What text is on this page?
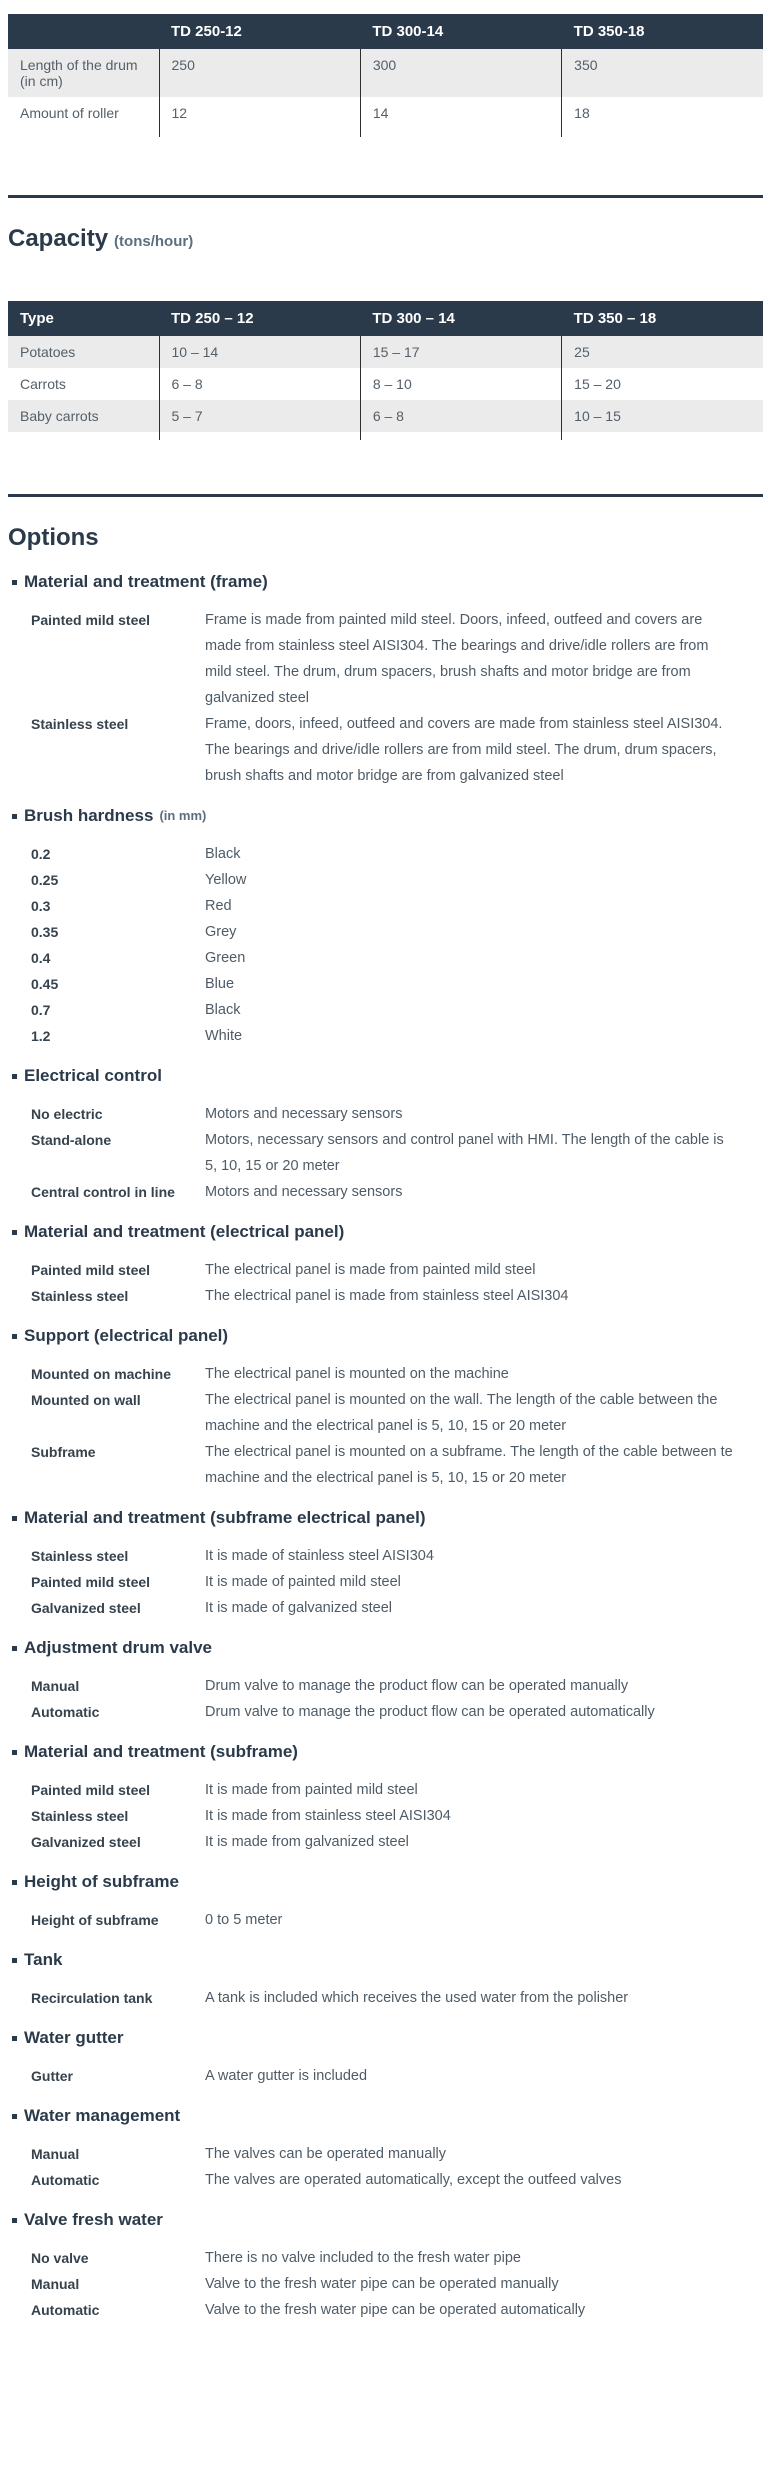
	TD 250-12	TD 300-14	TD 350-18
Length of the drum (in cm)	250	300	350
Amount of roller	12	14	18

Capacity (tons/hour)
Type	TD 250 – 12	TD 300 – 14	TD 350 – 18
Potatoes	10 – 14	15 – 17	25
Carrots	6 – 8	8 – 10	15 – 20
Baby carrots	5 – 7	6 – 8	10 – 15

Options
Material and treatment (frame)
Painted mild steel	Frame is made from painted mild steel. Doors, infeed, outfeed and covers are made from stainless steel AISI304. The bearings and drive/idle rollers are from mild steel. The drum, drum spacers, brush shafts and motor bridge are from galvanized steel
Stainless steel	Frame, doors, infeed, outfeed and covers are made from stainless steel AISI304. The bearings and drive/idle rollers are from mild steel. The drum, drum spacers, brush shafts and motor bridge are from galvanized steel
Brush hardness (in mm)
0.2	Black
0.25	Yellow
0.3	Red
0.35	Grey
0.4	Green
0.45	Blue
0.7	Black
1.2	White
Electrical control
No electric	Motors and necessary sensors
Stand-alone	Motors, necessary sensors and control panel with HMI. The length of the cable is 5, 10, 15 or 20 meter
Central control in line	Motors and necessary sensors
Material and treatment (electrical panel)
Painted mild steel	The electrical panel is made from painted mild steel
Stainless steel	The electrical panel is made from stainless steel AISI304
Support (electrical panel)
Mounted on machine	The electrical panel is mounted on the machine
Mounted on wall	The electrical panel is mounted on the wall. The length of the cable between the machine and the electrical panel is 5, 10, 15 or 20 meter
Subframe	The electrical panel is mounted on a subframe. The length of the cable between te machine and the electrical panel is 5, 10, 15 or 20 meter
Material and treatment (subframe electrical panel)
Stainless steel	It is made of stainless steel AISI304
Painted mild steel	It is made of painted mild steel
Galvanized steel	It is made of galvanized steel
Adjustment drum valve
Manual	Drum valve to manage the product flow can be operated manually
Automatic	Drum valve to manage the product flow can be operated automatically
Material and treatment (subframe)
Painted mild steel	It is made from painted mild steel
Stainless steel	It is made from stainless steel AISI304
Galvanized steel	It is made from galvanized steel
Height of subframe
Height of subframe	0 to 5 meter
Tank
Recirculation tank	A tank is included which receives the used water from the polisher
Water gutter
Gutter	A water gutter is included
Water management
Manual	The valves can be operated manually
Automatic	The valves are operated automatically, except the outfeed valves
Valve fresh water
No valve	There is no valve included to the fresh water pipe
Manual	Valve to the fresh water pipe can be operated manually
Automatic	Valve to the fresh water pipe can be operated automatically
